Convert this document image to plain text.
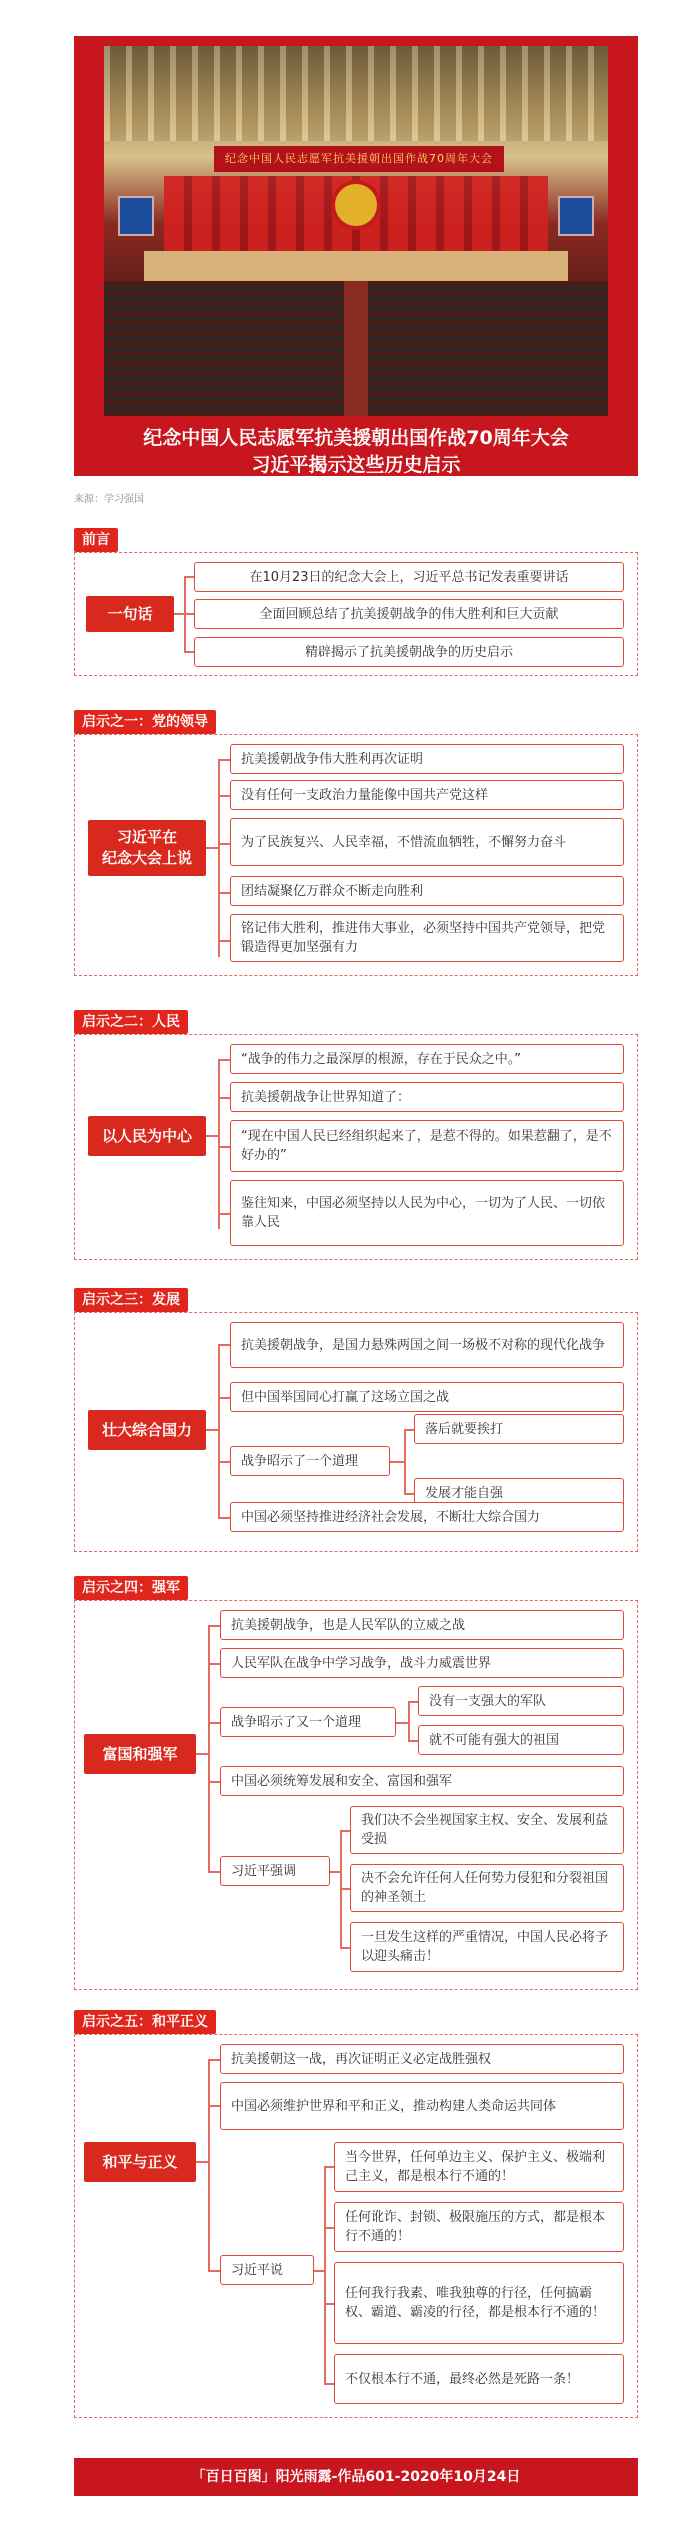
纪念中国人民志愿军抗美援朝出国作战70周年大会
纪念中国人民志愿军抗美援朝出国作战70周年大会
习近平揭示这些历史启示
来源：学习强国
前言
一句话
在10月23日的纪念大会上，习近平总书记发表重要讲话
全面回顾总结了抗美援朝战争的伟大胜利和巨大贡献
精辟揭示了抗美援朝战争的历史启示
启示之一：党的领导
习近平在
纪念大会上说
抗美援朝战争伟大胜利再次证明
没有任何一支政治力量能像中国共产党这样
为了民族复兴、人民幸福，不惜流血牺牲，不懈努力奋斗
团结凝聚亿万群众不断走向胜利
铭记伟大胜利，推进伟大事业，必须坚持中国共产党领导，把党锻造得更加坚强有力
启示之二：人民
以人民为中心
“战争的伟力之最深厚的根源，存在于民众之中。”
抗美援朝战争让世界知道了：
“现在中国人民已经组织起来了，是惹不得的。如果惹翻了，是不好办的”
鉴往知来，中国必须坚持以人民为中心，一切为了人民、一切依靠人民
启示之三：发展
壮大综合国力
抗美援朝战争，是国力悬殊两国之间一场极不对称的现代化战争
但中国举国同心打赢了这场立国之战
战争昭示了一个道理
落后就要挨打
发展才能自强
中国必须坚持推进经济社会发展，不断壮大综合国力
启示之四：强军
富国和强军
抗美援朝战争，也是人民军队的立威之战
人民军队在战争中学习战争，战斗力威震世界
战争昭示了又一个道理
没有一支强大的军队
就不可能有强大的祖国
中国必须统筹发展和安全、富国和强军
习近平强调
我们决不会坐视国家主权、安全、发展利益受损
决不会允许任何人任何势力侵犯和分裂祖国的神圣领土
一旦发生这样的严重情况，中国人民必将予以迎头痛击！
启示之五：和平正义
和平与正义
抗美援朝这一战，再次证明正义必定战胜强权
中国必须维护世界和平和正义，推动构建人类命运共同体
习近平说
当今世界，任何单边主义、保护主义、极端利己主义，都是根本行不通的！
任何讹诈、封锁、极限施压的方式，都是根本行不通的！
任何我行我素、唯我独尊的行径，任何搞霸权、霸道、霸凌的行径，都是根本行不通的！
不仅根本行不通，最终必然是死路一条！
「百日百图」阳光雨露-作品601-2020年10月24日
